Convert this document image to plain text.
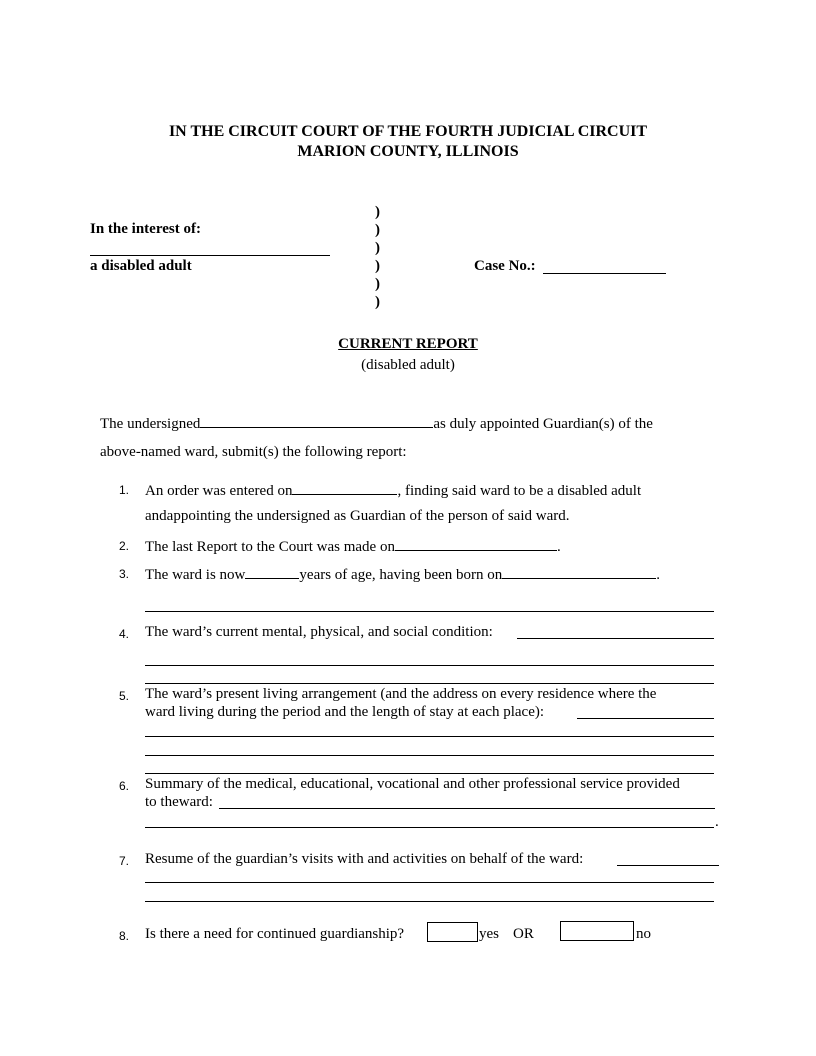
IN THE CIRCUIT COURT OF THE FOURTH JUDICIAL CIRCUIT
MARION COUNTY, ILLINOIS
In the interest of:
a disabled adult
)
)
)
)
)
)
Case No.:
CURRENT REPORT
(disabled adult)
The undersigned	as duly appointed Guardian(s) of the
above-named ward, submit(s) the following report:
1. An order was entered on	, finding said ward to be a disabled adult
andappointing the undersigned as Guardian of the person of said ward.
2. The last Report to the Court was made on	.
3. The ward is now	years of age, having been born on	.
4. The ward’s current mental, physical, and social condition:
5. The ward’s present living arrangement (and the address on every residence where the
ward living during the period and the length of stay at each place):
6. Summary of the medical, educational, vocational and other professional service provided
to theward:
.
7. Resume of the guardian’s visits with and activities on behalf of the ward:
8. Is there a need for continued guardianship?	yes OR	no
